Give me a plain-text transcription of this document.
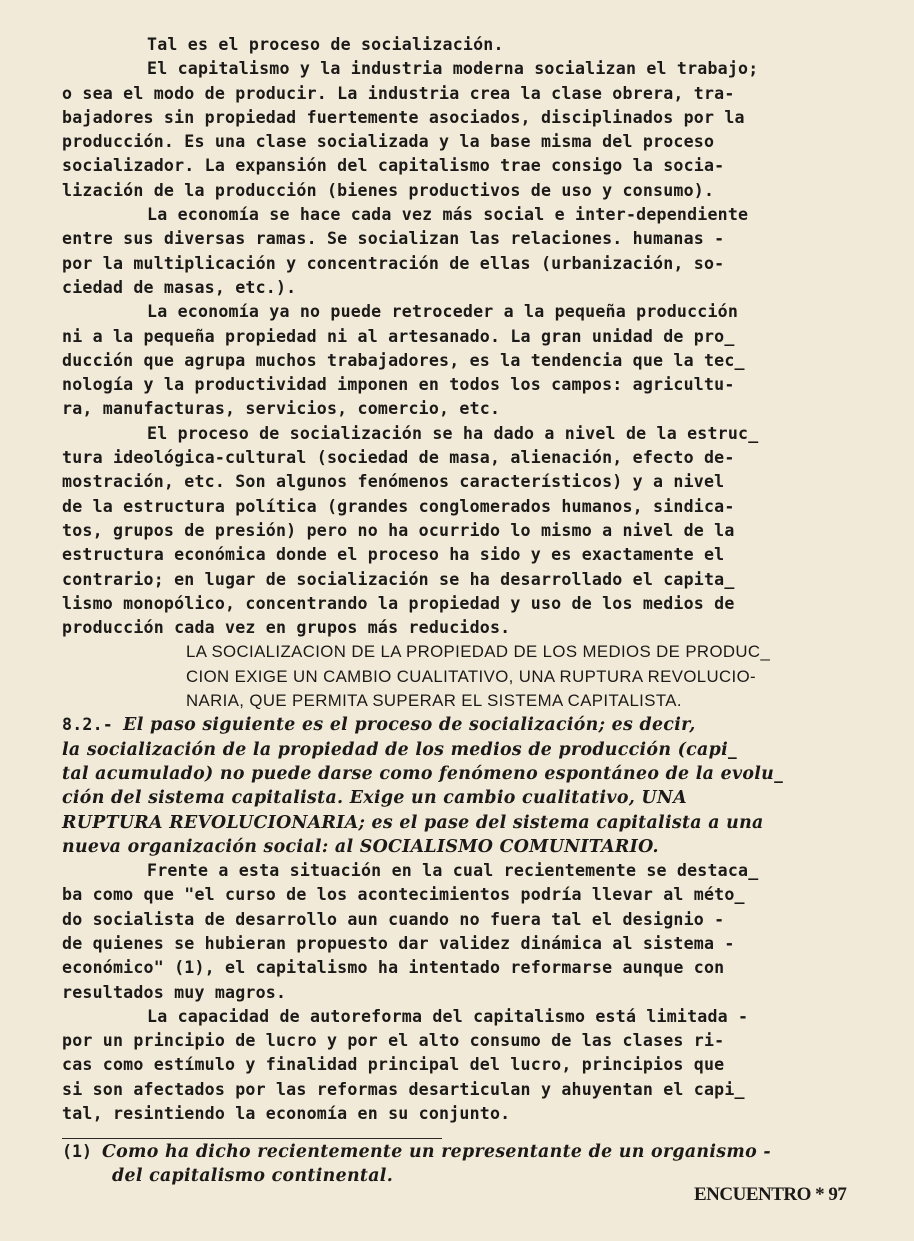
Tal es el proceso de socialización.
El capitalismo y la industria moderna socializan el trabajo;
o sea el modo de producir. La industria crea la clase obrera, tra-
bajadores sin propiedad fuertemente asociados, disciplinados por la
producción. Es una clase socializada y la base misma del proceso
socializador. La expansión del capitalismo trae consigo la socia-
lización de la producción (bienes productivos de uso y consumo).
La economía se hace cada vez más social e inter-dependiente
entre sus diversas ramas. Se socializan las relaciones. humanas -
por la multiplicación y concentración de ellas (urbanización, so-
ciedad de masas, etc.).
La economía ya no puede retroceder a la pequeña producción
ni a la pequeña propiedad ni al artesanado. La gran unidad de pro_
ducción que agrupa muchos trabajadores, es la tendencia que la tec_
nología y la productividad imponen en todos los campos: agricultu-
ra, manufacturas, servicios, comercio, etc.
El proceso de socialización se ha dado a nivel de la estruc_
tura ideológica-cultural (sociedad de masa, alienación, efecto de-
mostración, etc. Son algunos fenómenos característicos) y a nivel
de la estructura política (grandes conglomerados humanos, sindica-
tos, grupos de presión) pero no ha ocurrido lo mismo a nivel de la
estructura económica donde el proceso ha sido y es exactamente el
contrario; en lugar de socialización se ha desarrollado el capita_
lismo monopólico, concentrando la propiedad y uso de los medios de
producción cada vez en grupos más reducidos.
LA SOCIALIZACION DE LA PROPIEDAD DE LOS MEDIOS DE PRODUC_
CION EXIGE UN CAMBIO CUALITATIVO, UNA RUPTURA REVOLUCIO-
NARIA, QUE PERMITA SUPERAR EL SISTEMA CAPITALISTA.
8.2.- El paso siguiente es el proceso de socialización; es decir,
la socialización de la propiedad de los medios de producción (capi_
tal acumulado) no puede darse como fenómeno espontáneo de la evolu_
ción del sistema capitalista. Exige un cambio cualitativo, UNA
RUPTURA REVOLUCIONARIA; es el pase del sistema capitalista a una
nueva organización social: al SOCIALISMO COMUNITARIO.
Frente a esta situación en la cual recientemente se destaca_
ba como que "el curso de los acontecimientos podría llevar al méto_
do socialista de desarrollo aun cuando no fuera tal el designio -
de quienes se hubieran propuesto dar validez dinámica al sistema -
económico" (1), el capitalismo ha intentado reformarse aunque con
resultados muy magros.
La capacidad de autoreforma del capitalismo está limitada -
por un principio de lucro y por el alto consumo de las clases ri-
cas como estímulo y finalidad principal del lucro, principios que
si son afectados por las reformas desarticulan y ahuyentan el capi_
tal, resintiendo la economía en su conjunto.
(1) Como ha dicho recientemente un representante de un organismo -
del capitalismo continental.
ENCUENTRO * 97
